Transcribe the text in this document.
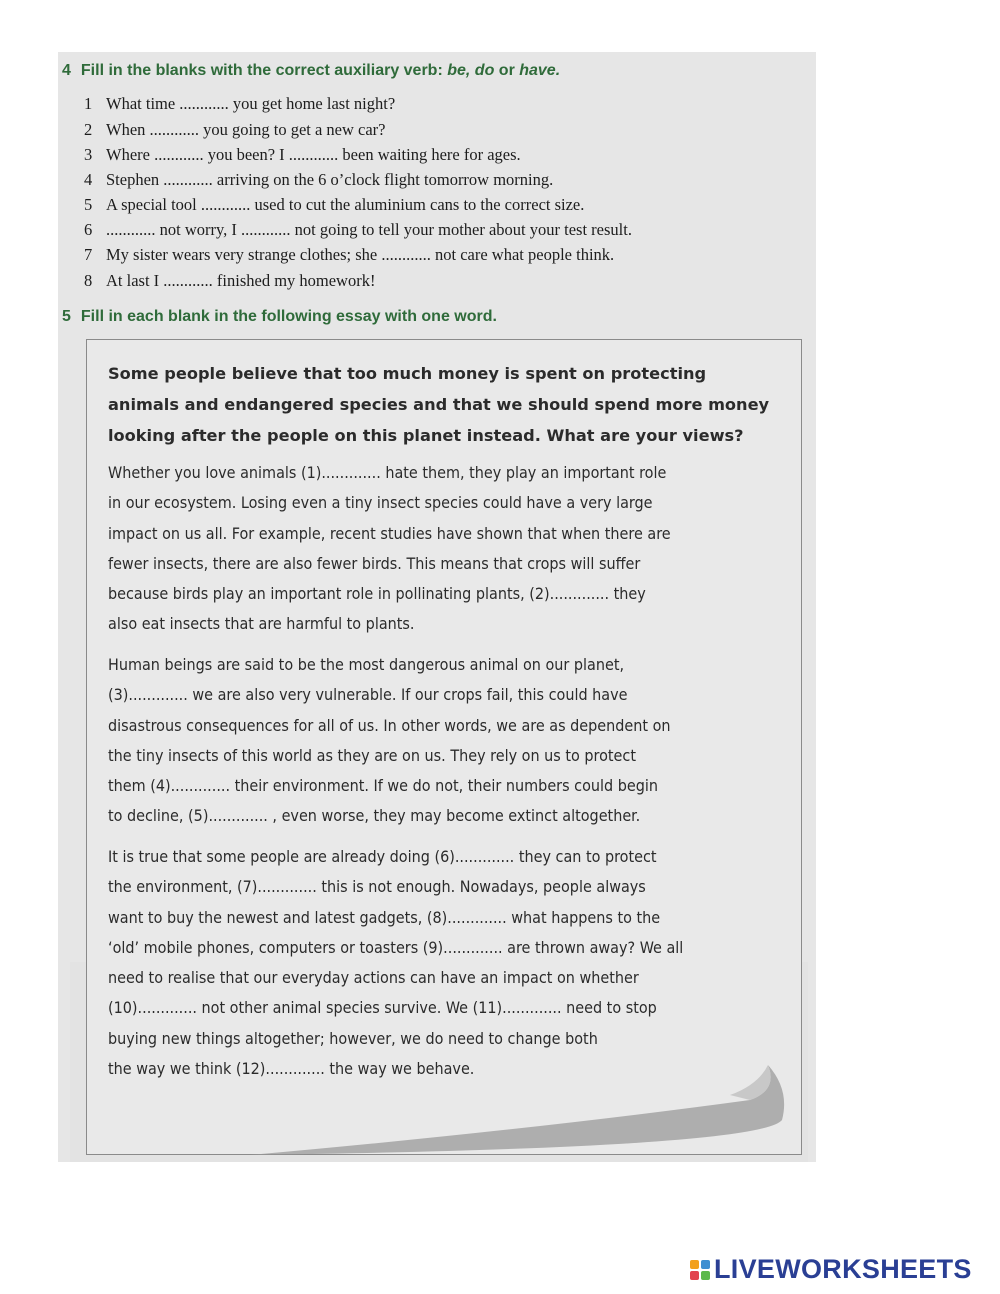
4 Fill in the blanks with the correct auxiliary verb: be, do or have.
1 What time ............ you get home last night?
2 When ............ you going to get a new car?
3 Where ............ you been? I ............ been waiting here for ages.
4 Stephen ............ arriving on the 6 o’clock flight tomorrow morning.
5 A special tool ............ used to cut the aluminium cans to the correct size.
6 ............ not worry, I ............ not going to tell your mother about your test result.
7 My sister wears very strange clothes; she ............ not care what people think.
8 At last I ............ finished my homework!
5 Fill in each blank in the following essay with one word.
Some people believe that too much money is spent on protecting
animals and endangered species and that we should spend more money
looking after the people on this planet instead. What are your views?
Whether you love animals (1)............. hate them, they play an important role
in our ecosystem. Losing even a tiny insect species could have a very large
impact on us all. For example, recent studies have shown that when there are
fewer insects, there are also fewer birds. This means that crops will suffer
because birds play an important role in pollinating plants, (2)............. they
also eat insects that are harmful to plants.
Human beings are said to be the most dangerous animal on our planet,
(3)............. we are also very vulnerable. If our crops fail, this could have
disastrous consequences for all of us. In other words, we are as dependent on
the tiny insects of this world as they are on us. They rely on us to protect
them (4)............. their environment. If we do not, their numbers could begin
to decline, (5)............. , even worse, they may become extinct altogether.
It is true that some people are already doing (6)............. they can to protect
the environment, (7)............. this is not enough. Nowadays, people always
want to buy the newest and latest gadgets, (8)............. what happens to the
‘old’ mobile phones, computers or toasters (9)............. are thrown away? We all
need to realise that our everyday actions can have an impact on whether
(10)............. not other animal species survive. We (11)............. need to stop
buying new things altogether; however, we do need to change both
the way we think (12)............. the way we behave.
LIVEWORKSHEETS
